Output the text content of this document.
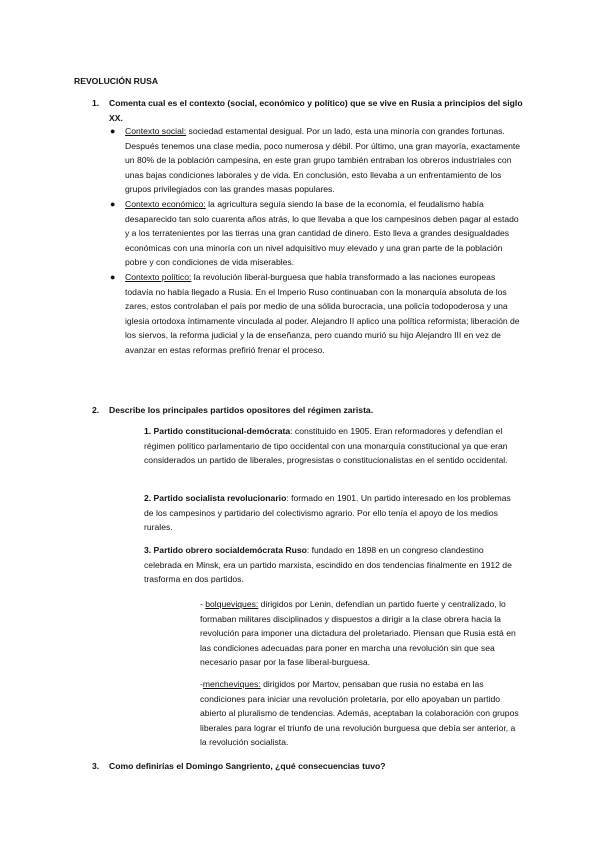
REVOLUCIÓN RUSA
1.	Comenta cual es el contexto (social, económico y político) que se vive en Rusia a principios del siglo XX.
● Contexto social: sociedad estamental desigual. Por un lado, esta una minoría con grandes fortunas. Después tenemos una clase media, poco numerosa y débil. Por último, una gran mayoría, exactamente un 80% de la población campesina, en este gran grupo también entraban los obreros industriales con unas bajas condiciones laborales y de vida. En conclusión, esto llevaba a un enfrentamiento de los grupos privilegiados con las grandes masas populares.
● Contexto económico: la agricultura seguía siendo la base de la economía, el feudalismo había desaparecido tan solo cuarenta años atrás, lo que llevaba a que los campesinos deben pagar al estado y a los terratenientes por las tierras una gran cantidad de dinero. Esto lleva a grandes desigualdades económicas con una minoría con un nivel adquisitivo muy elevado y una gran parte de la población pobre y con condiciones de vida miserables.
● Contexto político: la revolución liberal-burguesa que había transformado a las naciones europeas todavía no había llegado a Rusia. En el Imperio Ruso continuaban con la monarquía absoluta de los zares, estos controlaban el país por medio de una sólida burocracia, una policía todopoderosa y una iglesia ortodoxa íntimamente vinculada al poder. Alejandro II aplico una política reformista; liberación de los siervos, la reforma judicial y la de enseñanza, pero cuando murió su hijo Alejandro III en vez de avanzar en estas reformas prefirió frenar el proceso.
2.	Describe los principales partidos opositores del régimen zarista.
1. Partido constitucional-demócrata: constituido en 1905. Eran reformadores y defendían el régimen político parlamentario de tipo occidental con una monarquía constitucional ya que eran considerados un partido de liberales, progresistas o constitucionalistas en el sentido occidental.
2. Partido socialista revolucionario: formado en 1901. Un partido interesado en los problemas de los campesinos y partidario del colectivismo agrario. Por ello tenía el apoyo de los medios rurales.
3. Partido obrero socialdemócrata Ruso: fundado en 1898 en un congreso clandestino celebrada en Minsk, era un partido marxista, escindido en dos tendencias finalmente en 1912 de trasforma en dos partidos.
- bolqueviques: dirigidos por Lenin, defendían un partido fuerte y centralizado, lo formaban militares disciplinados y dispuestos a dirigir a la clase obrera hacia la revolución para imponer una dictadura del proletariado. Piensan que Rusia está en las condiciones adecuadas para poner en marcha una revolución sin que sea necesario pasar por la fase liberal-burguesa.
-mencheviques: dirigidos por Martov, pensaban que rusia no estaba en las condiciones para iniciar una revolución proletaria, por ello apoyaban un partido abierto al pluralismo de tendencias. Además, aceptaban la colaboración con grupos liberales para lograr el triunfo de una revolución burguesa que debía ser anterior, a la revolución socialista.
3.	Como definirías el Domingo Sangriento, ¿qué consecuencias tuvo?
